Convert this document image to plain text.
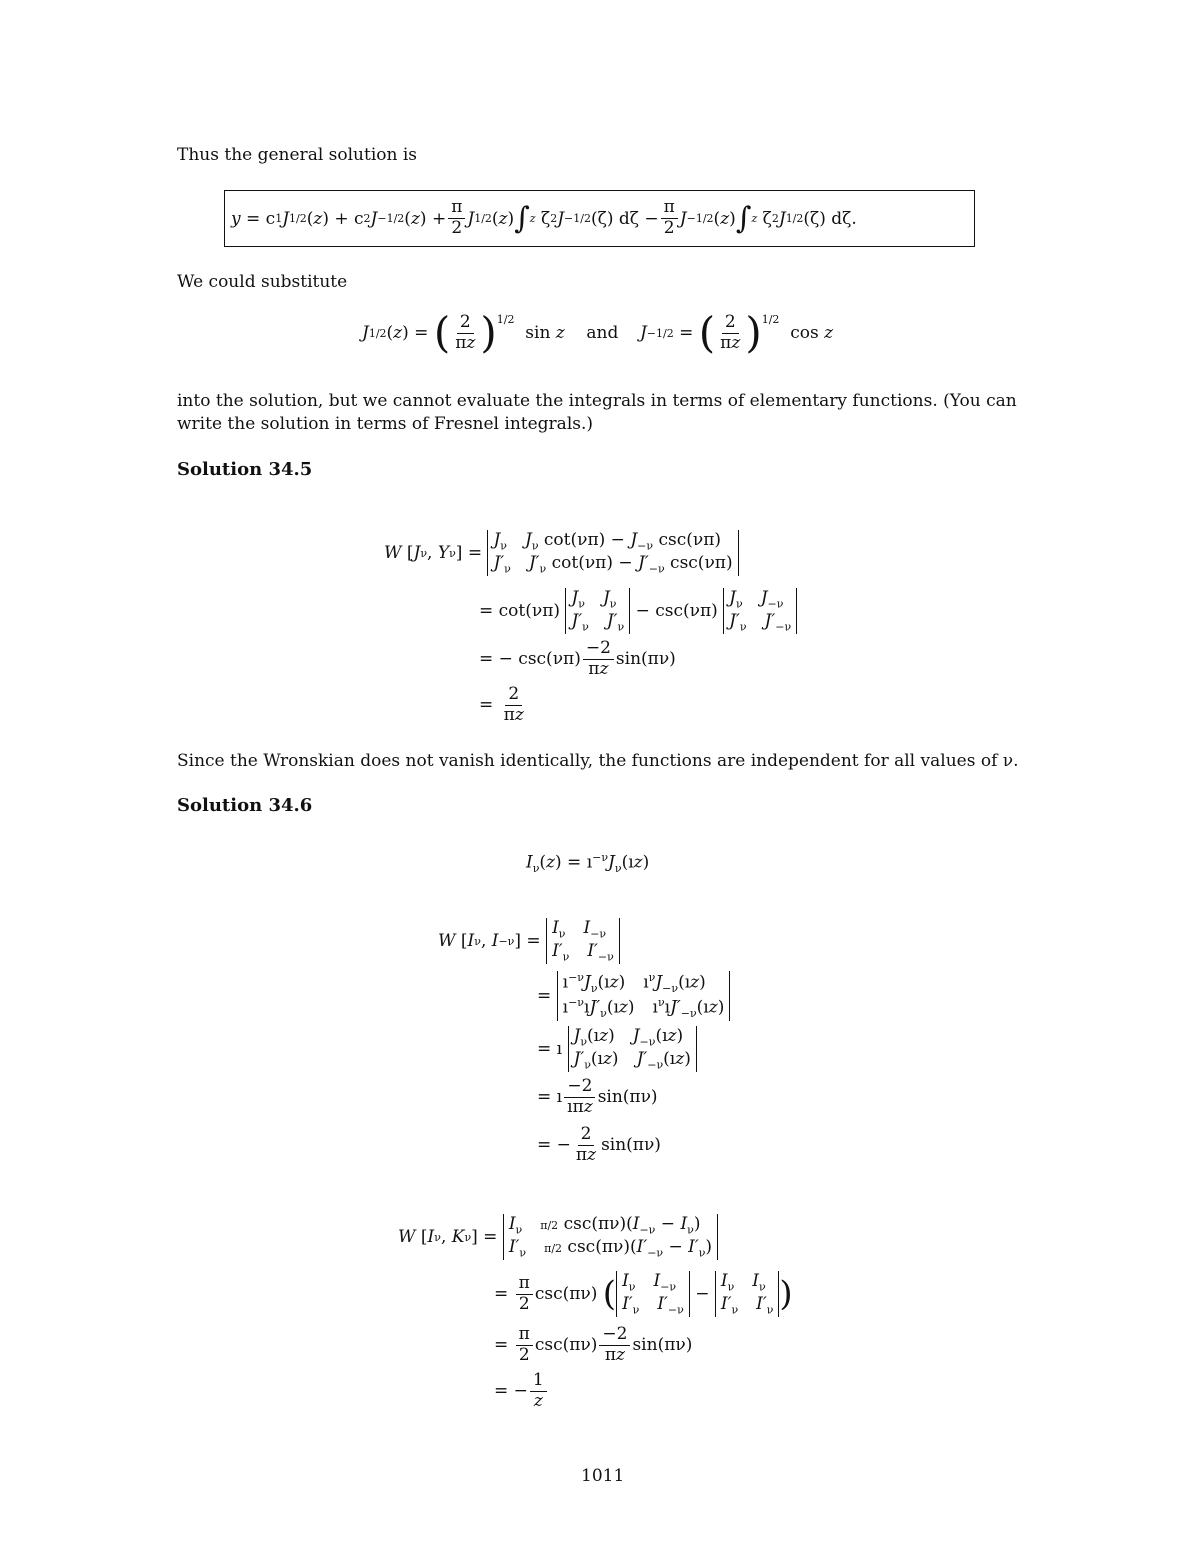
Thus the general solution is
y = c 1 J 1/2 ( z ) + c 2 J −1/2 ( z ) + $\frac{\pi}{2}$ J 1/2 ( z ) ∫ z ζ 2 J −1/2 (ζ) $d\zeta - \frac{\pi}{2}$ J −1/2 ( z ) ∫ z ζ 2 J 1/2 (ζ) dζ.
We could substitute
J 1/2 ( z ) = ( $\frac{2}{\pi z} )^{1/2}$
sin z and J −1/2 = ( $\frac{2}{\pi z} )^{1/2}$
cos z
into the solution, but we cannot evaluate the integrals in terms of elementary functions. (You can
write the solution in terms of Fresnel integrals.)
Solution 34.5
W [ J ν , Y ν ] =
$J_\nu$ $J_\nu$ $\cot(\nu\pi) - J_{-\nu}$ csc(νπ)
$J'_\nu$ $J'_\nu$ $\cot(\nu\pi) - J'_{-\nu}$ csc(νπ)
= cot(νπ)
$J_\nu$ $J_\nu$
$J'_\nu$ $J'_\nu$
− csc(νπ)
$J_\nu$ $J_{-\nu}$
$J'_\nu$ $J'_{-\nu}$
= − $\csc(\nu\pi) \frac{-2}{\pi z} \sin(\pi\nu)$
= $\frac{2}{\pi z}$
Since the Wronskian does not vanish identically, the functions are independent for all values of ν.
Solution 34.6
$I_\nu(z)$ = $ı^{-\nu}J_\nu(ız)$
W [ I ν , I −ν ] =
$I_\nu$ $I_{-\nu}$
$I'_\nu$ $I'_{-\nu}$
=
$ı^{-\nu}J_\nu(ız)$ $ı^\nu J_{-\nu}(ız)$
$ı^{-\nu}ıJ'_\nu(ız)$ $ı^\nu ıJ'_{-\nu}(ız)$
= ı
$J_\nu(ız)$ $J_{-\nu}(ız)$
$J'_\nu(ız)$ $J'_{-\nu}(ız)$
= ı $\frac{-2}{\text{ıπz}} \sin(\pi\nu)$
= − $\frac{2}{\pi z} \sin(\pi\nu)$
W [ I ν , K ν ] =
$I_\nu$ π/2 $\csc(\pi\nu)(I_{-\nu} - I_\nu)$
$I'_\nu$ π/2 $\csc(\pi\nu)(I'_{-\nu} - I'_\nu)$
= $\frac{\pi}{2} \csc(\pi\nu)$ ( $I_\nu$ $I_{-\nu}$
$I'_\nu$ $I'_{-\nu}$
−
$I_\nu$ $I_\nu$
$I'_\nu$ $I'_\nu$ )
= $\frac{\pi}{2} \csc(\pi\nu) \frac{-2}{\pi z} \sin(\pi\nu)$
= − $\frac{1}{z}$
1011
